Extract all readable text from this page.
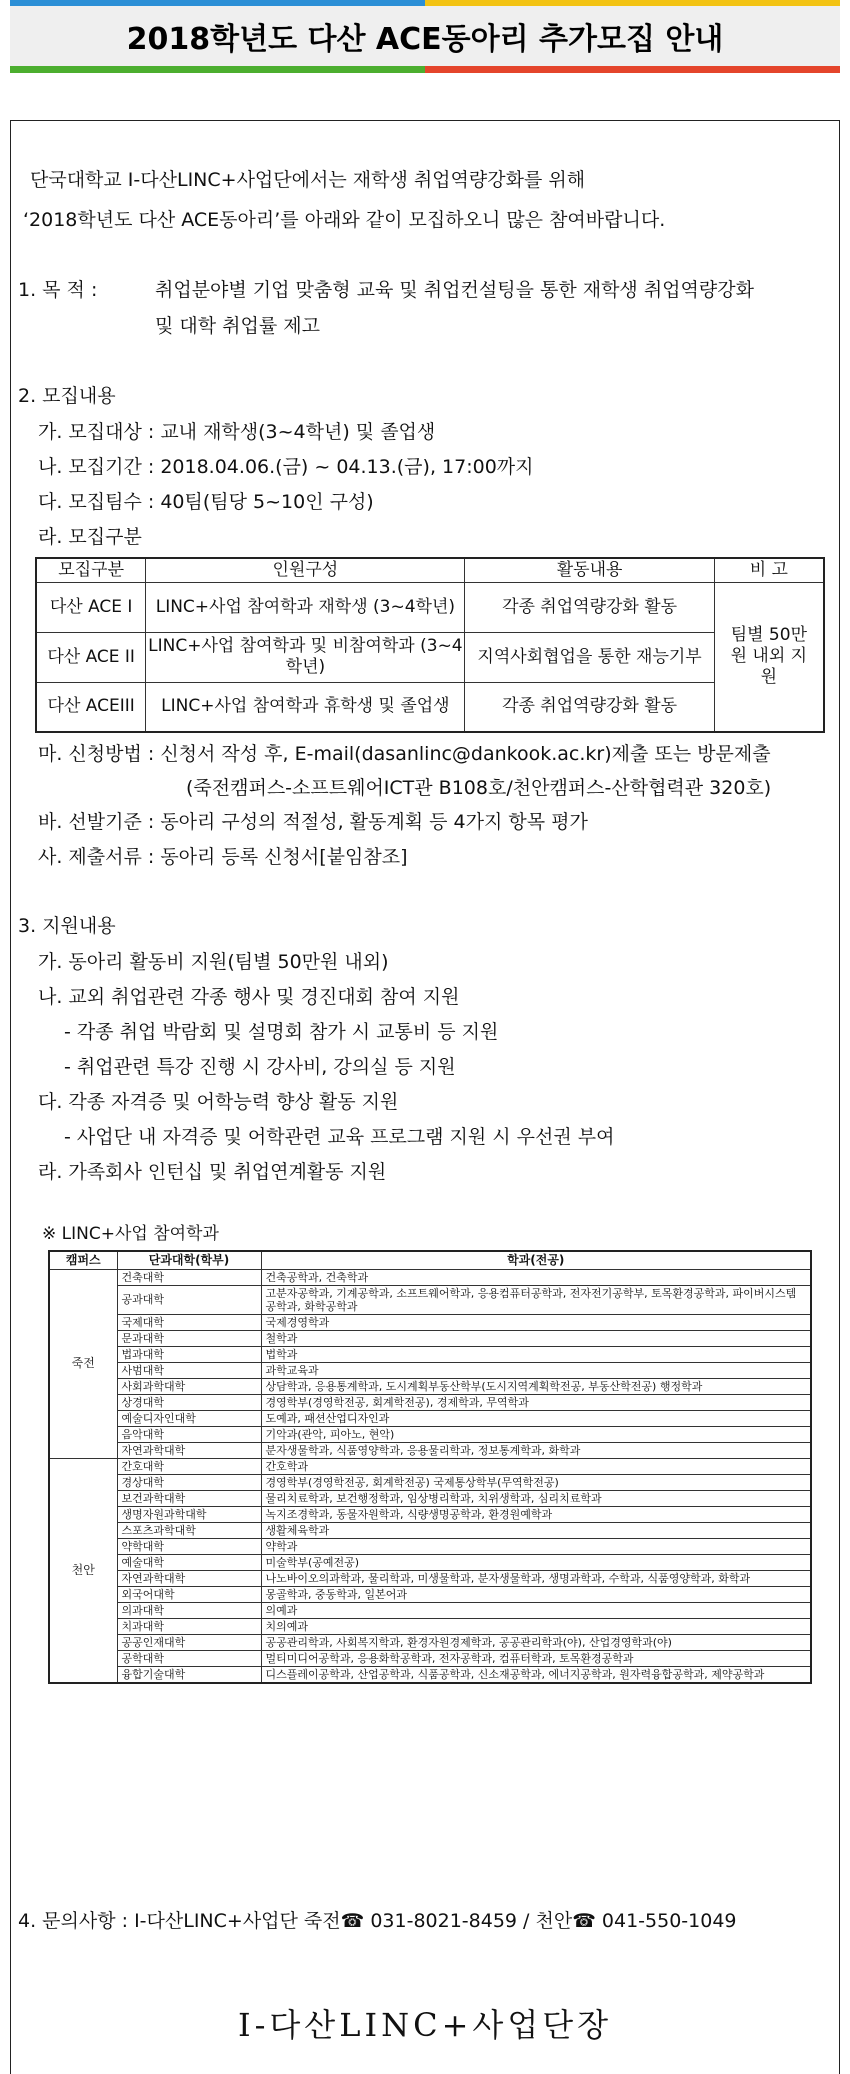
2018학년도 다산 ACE동아리 추가모집 안내
단국대학교 I-다산LINC+사업단에서는 재학생 취업역량강화를 위해
‘2018학년도 다산 ACE동아리’를 아래와 같이 모집하오니 많은 참여바랍니다.
1. 목 적 :	취업분야별 기업 맞춤형 교육 및 취업컨설팅을 통한 재학생 취업역량강화
및 대학 취업률 제고
2. 모집내용
가. 모집대상 : 교내 재학생(3~4학년) 및 졸업생
나. 모집기간 : 2018.04.06.(금) ~ 04.13.(금), 17:00까지
다. 모집팀수 : 40팀(팀당 5~10인 구성)
라. 모집구분
모집구분	인원구성	활동내용	비 고
다산 ACE I	LINC+사업 참여학과 재학생 (3~4학년)	각종 취업역량강화 활동	팀별 50만원 내외 지원
다산 ACE II	LINC+사업 참여학과 및 비참여학과 (3~4학년)	지역사회협업을 통한 재능기부	
다산 ACEIII	LINC+사업 참여학과 휴학생 및 졸업생	각종 취업역량강화 활동	
마. 신청방법 : 신청서 작성 후, E-mail(dasanlinc@dankook.ac.kr)제출 또는 방문제출
(죽전캠퍼스-소프트웨어ICT관 B108호/천안캠퍼스-산학협력관 320호)
바. 선발기준 : 동아리 구성의 적절성, 활동계획 등 4가지 항목 평가
사. 제출서류 : 동아리 등록 신청서[붙임참조]
3. 지원내용
가. 동아리 활동비 지원(팀별 50만원 내외)
나. 교외 취업관련 각종 행사 및 경진대회 참여 지원
- 각종 취업 박람회 및 설명회 참가 시 교통비 등 지원
- 취업관련 특강 진행 시 강사비, 강의실 등 지원
다. 각종 자격증 및 어학능력 향상 활동 지원
- 사업단 내 자격증 및 어학관련 교육 프로그램 지원 시 우선권 부여
라. 가족회사 인턴십 및 취업연계활동 지원
※ LINC+사업 참여학과
캠퍼스	단과대학(학부)	학과(전공)
죽전	건축대학	건축공학과, 건축학과
	공과대학	고분자공학과, 기계공학과, 소프트웨어학과, 응용컴퓨터공학과, 전자전기공학부, 토목환경공학과, 파이버시스템공학과, 화학공학과
	국제대학	국제경영학과
	문과대학	철학과
	법과대학	법학과
	사범대학	과학교육과
	사회과학대학	상담학과, 응용통계학과, 도시계획부동산학부(도시지역계획학전공, 부동산학전공) 행정학과
	상경대학	경영학부(경영학전공, 회계학전공), 경제학과, 무역학과
	예술디자인대학	도예과, 패션산업디자인과
	음악대학	기악과(관악, 피아노, 현악)
	자연과학대학	분자생물학과, 식품영양학과, 응용물리학과, 정보통계학과, 화학과
천안	간호대학	간호학과
	경상대학	경영학부(경영학전공, 회계학전공) 국제통상학부(무역학전공)
	보건과학대학	물리치료학과, 보건행정학과, 임상병리학과, 치위생학과, 심리치료학과
	생명자원과학대학	녹지조경학과, 동물자원학과, 식량생명공학과, 환경원예학과
	스포츠과학대학	생활체육학과
	약학대학	약학과
	예술대학	미술학부(공예전공)
	자연과학대학	나노바이오의과학과, 물리학과, 미생물학과, 분자생물학과, 생명과학과, 수학과, 식품영양학과, 화학과
	외국어대학	몽골학과, 중동학과, 일본어과
	의과대학	의예과
	치과대학	치의예과
	공공인재대학	공공관리학과, 사회복지학과, 환경자원경제학과, 공공관리학과(야), 산업경영학과(야)
	공학대학	멀티미디어공학과, 응용화학공학과, 전자공학과, 컴퓨터학과, 토목환경공학과
	융합기술대학	디스플레이공학과, 산업공학과, 식품공학과, 신소재공학과, 에너지공학과, 원자력융합공학과, 제약공학과
4. 문의사항 : I-다산LINC+사업단 죽전☎ 031-8021-8459 / 천안☎ 041-550-1049
I-다산LINC+사업단장
